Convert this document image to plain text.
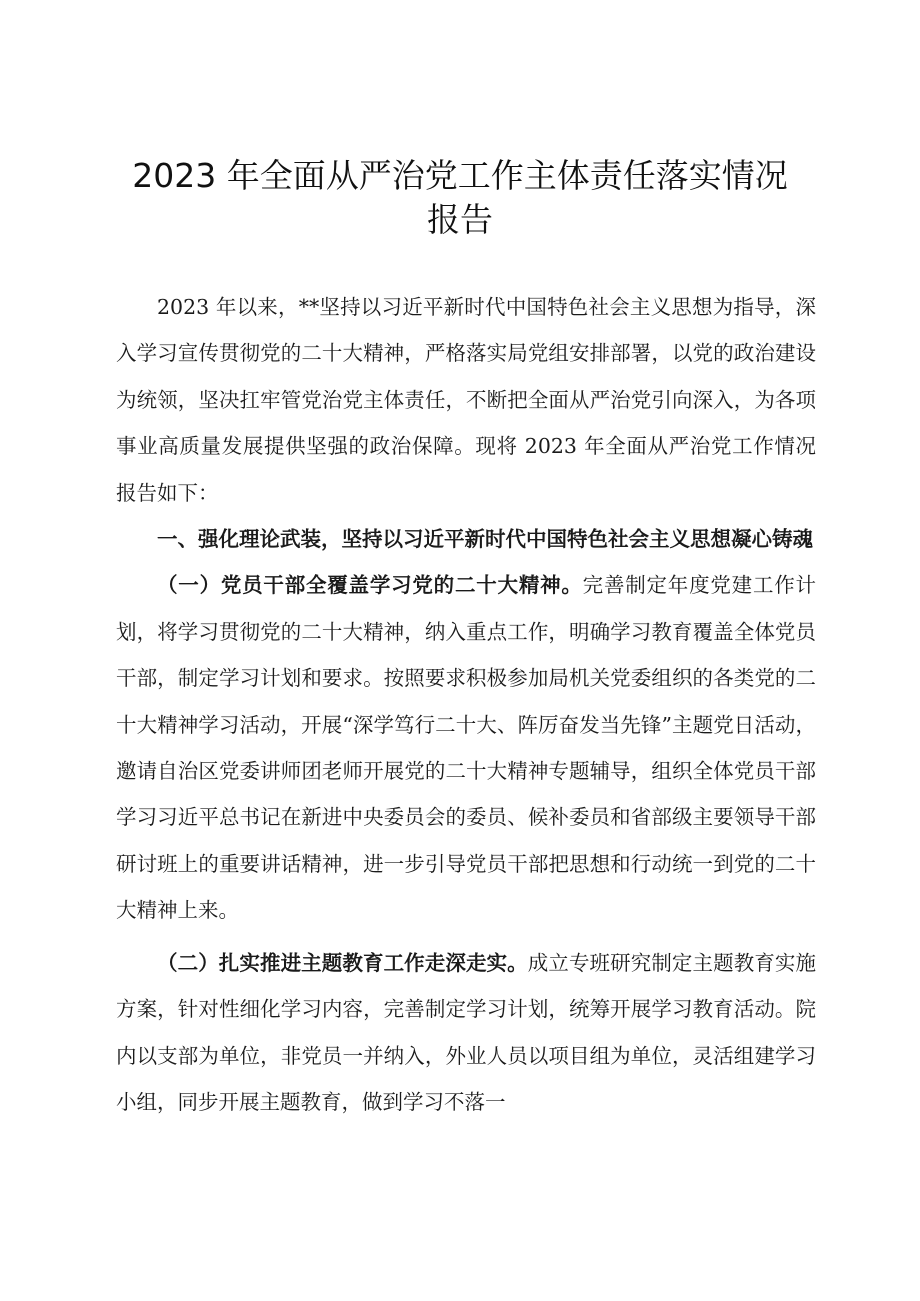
2023 年全面从严治党工作主体责任落实情况
报告

2023 年以来，**坚持以习近平新时代中国特色社会主义思想为指导，深入学习宣传贯彻党的二十大精神，严格落实局党组安排部署，以党的政治建设为统领，坚决扛牢管党治党主体责任，不断把全面从严治党引向深入，为各项事业高质量发展提供坚强的政治保障。现将 2023 年全面从严治党工作情况报告如下：

一、强化理论武装，坚持以习近平新时代中国特色社会主义思想凝心铸魂

（一）党员干部全覆盖学习党的二十大精神。完善制定年度党建工作计划，将学习贯彻党的二十大精神，纳入重点工作，明确学习教育覆盖全体党员干部，制定学习计划和要求。按照要求积极参加局机关党委组织的各类党的二十大精神学习活动，开展“深学笃行二十大、阵厉奋发当先锋”主题党日活动，邀请自治区党委讲师团老师开展党的二十大精神专题辅导，组织全体党员干部学习习近平总书记在新进中央委员会的委员、候补委员和省部级主要领导干部研讨班上的重要讲话精神，进一步引导党员干部把思想和行动统一到党的二十大精神上来。

（二）扎实推进主题教育工作走深走实。成立专班研究制定主题教育实施方案，针对性细化学习内容，完善制定学习计划，统筹开展学习教育活动。院内以支部为单位，非党员一并纳入，外业人员以项目组为单位，灵活组建学习小组，同步开展主题教育，做到学习不落一
